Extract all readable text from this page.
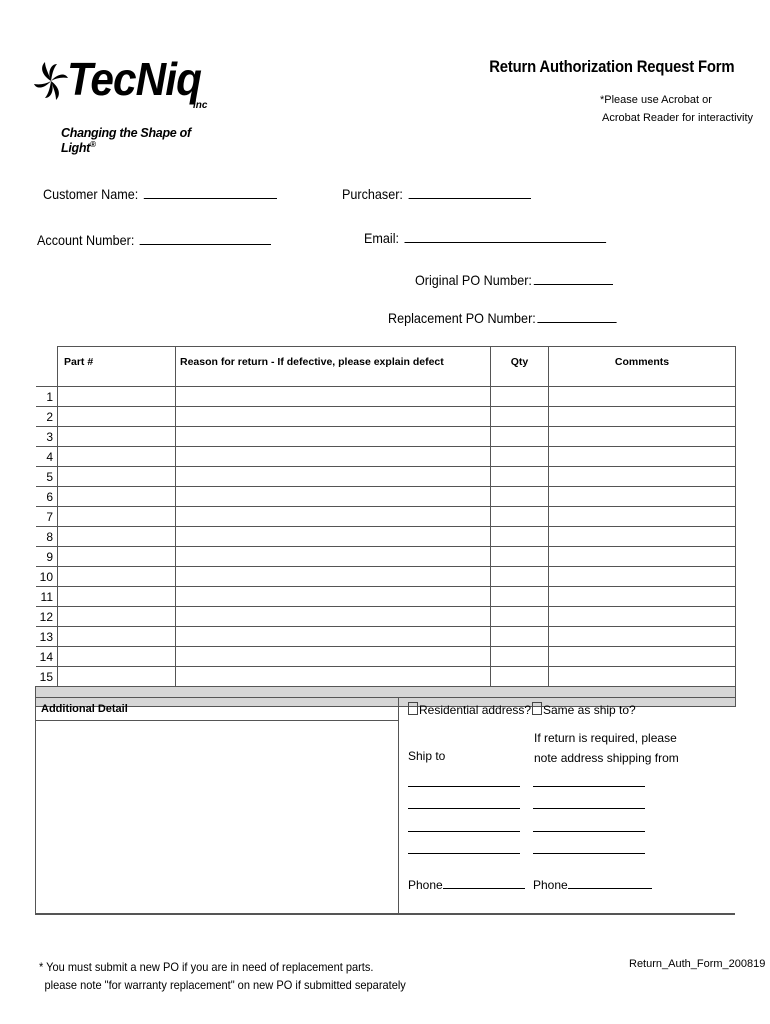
TecNiq
inc
Changing the Shape of Light®
Return Authorization Request Form
*Please use Acrobat or
Acrobat Reader for interactivity
Customer Name:	Purchaser:
Account Number:	Email:
Original PO Number:
Replacement PO Number:
	Part #	Reason for return - If defective, please explain defect	Qty	Comments
1				
2				
3				
4				
5				
6				
7				
8				
9				
10				
11				
12				
13				
14				
15				

Additional Detail	Residential address? Same as ship to?
Ship to
If return is required, please
note address shipping from
Phone	Phone
* You must submit a new PO if you are in need of replacement parts.
please note "for warranty replacement" on new PO if submitted separately
Return_Auth_Form_200819
